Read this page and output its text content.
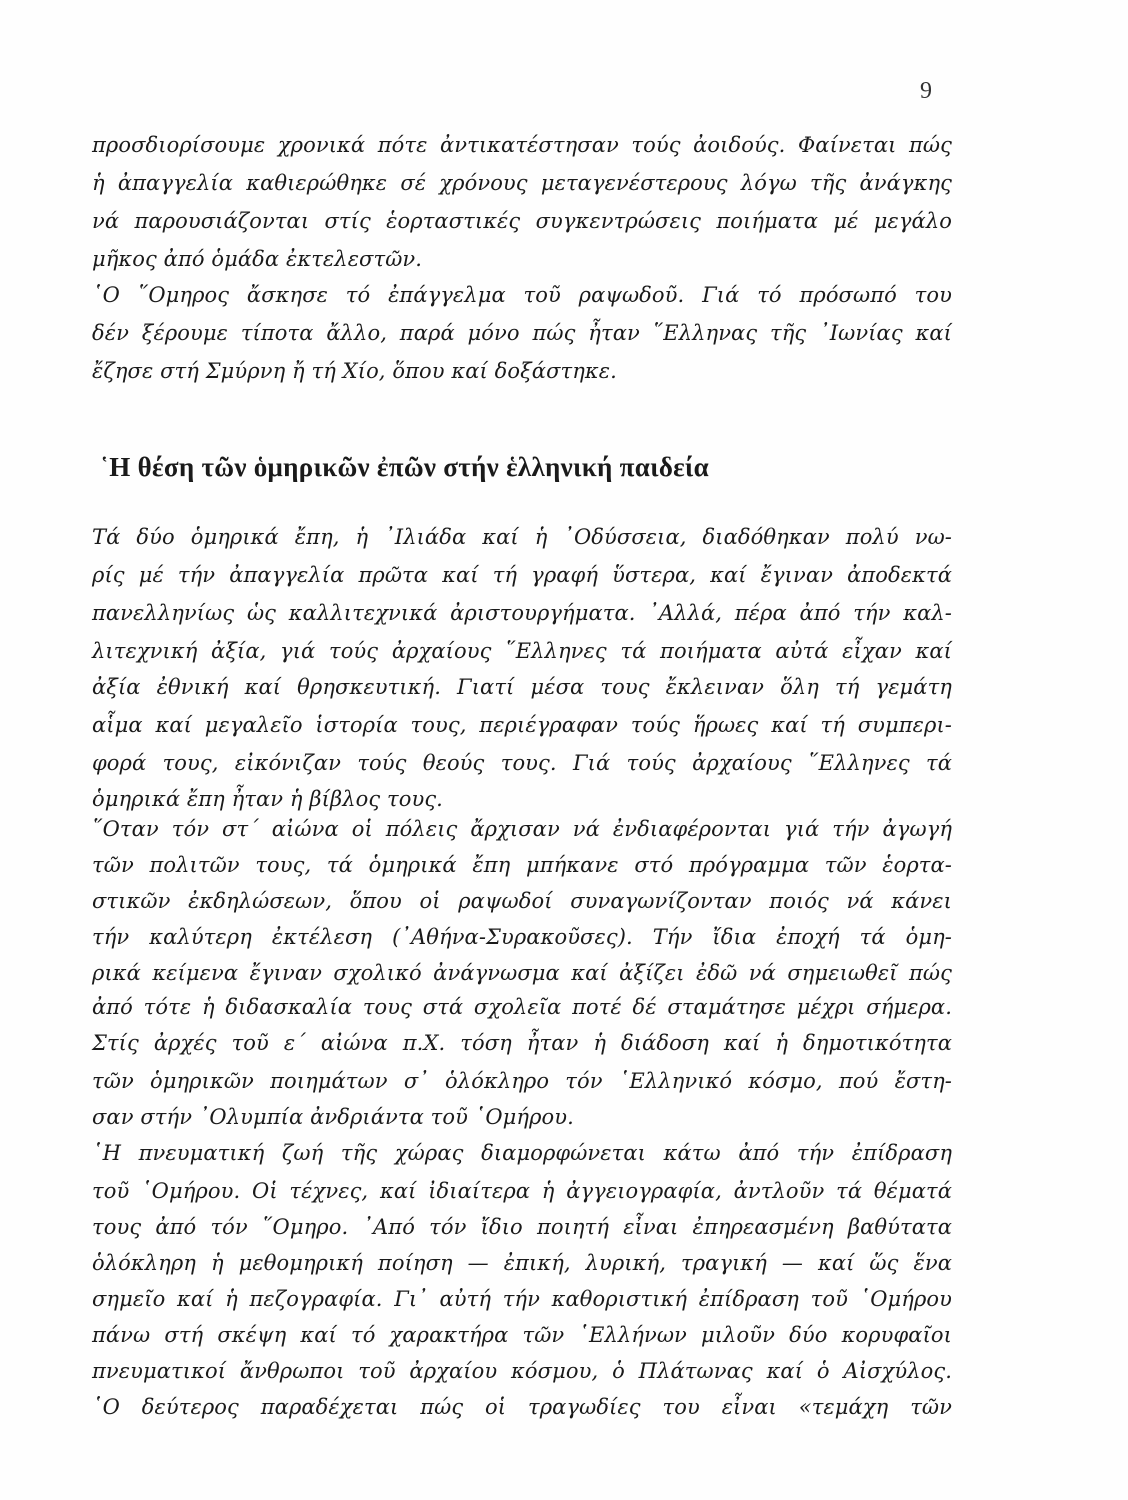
9
προσδιορίσουμε χρονικά πότε ἀντικατέστησαν τούς ἀοιδούς. Φαίνεται πώς
ἡ ἀπαγγελία καθιερώθηκε σέ χρόνους μεταγενέστερους λόγω τῆς ἀνάγκης
νά παρουσιάζονται στίς ἑορταστικές συγκεντρώσεις ποιήματα μέ μεγάλο
μῆκος ἀπό ὁμάδα ἐκτελεστῶν.
῾Ο ῞Ομηρος ἄσκησε τό ἐπάγγελμα τοῦ ραψωδοῦ. Γιά τό πρόσωπό του
δέν ξέρουμε τίποτα ἄλλο, παρά μόνο πώς ἦταν ῞Ελληνας τῆς ᾿Ιωνίας καί
ἔζησε στή Σμύρνη ἤ τή Χίο, ὅπου καί δοξάστηκε.
῾Η θέση τῶν ὁμηρικῶν ἐπῶν στήν ἑλληνική παιδεία
Τά δύο ὁμηρικά ἔπη, ἡ ᾿Ιλιάδα καί ἡ ᾿Οδύσσεια, διαδόθηκαν πολύ νω-
ρίς μέ τήν ἀπαγγελία πρῶτα καί τή γραφή ὕστερα, καί ἔγιναν ἀποδεκτά
πανελληνίως ὡς καλλιτεχνικά ἀριστουργήματα. ᾿Αλλά, πέρα ἀπό τήν καλ-
λιτεχνική ἀξία, γιά τούς ἀρχαίους ῞Ελληνες τά ποιήματα αὐτά εἶχαν καί
ἀξία ἐθνική καί θρησκευτική. Γιατί μέσα τους ἔκλειναν ὅλη τή γεμάτη
αἷμα καί μεγαλεῖο ἱστορία τους, περιέγραφαν τούς ἥρωες καί τή συμπερι-
φορά τους, εἰκόνιζαν τούς θεούς τους. Γιά τούς ἀρχαίους ῞Ελληνες τά
ὁμηρικά ἔπη ἦταν ἡ βίβλος τους.
῞Οταν τόν στ΄ αἰώνα οἱ πόλεις ἄρχισαν νά ἐνδιαφέρονται γιά τήν ἀγωγή
τῶν πολιτῶν τους, τά ὁμηρικά ἔπη μπήκανε στό πρόγραμμα τῶν ἑορτα-
στικῶν ἐκδηλώσεων, ὅπου οἱ ραψωδοί συναγωνίζονταν ποιός νά κάνει
τήν καλύτερη ἐκτέλεση (᾿Αθήνα-Συρακοῦσες). Τήν ἴδια ἐποχή τά ὁμη-
ρικά κείμενα ἔγιναν σχολικό ἀνάγνωσμα καί ἀξίζει ἐδῶ νά σημειωθεῖ πώς
ἀπό τότε ἡ διδασκαλία τους στά σχολεῖα ποτέ δέ σταμάτησε μέχρι σήμερα.
Στίς ἀρχές τοῦ ε΄ αἰώνα π.Χ. τόση ἦταν ἡ διάδοση καί ἡ δημοτικότητα
τῶν ὁμηρικῶν ποιημάτων σ᾿ ὁλόκληρο τόν ῾Ελληνικό κόσμο, πού ἔστη-
σαν στήν ᾿Ολυμπία ἀνδριάντα τοῦ ῾Ομήρου.
῾Η πνευματική ζωή τῆς χώρας διαμορφώνεται κάτω ἀπό τήν ἐπίδραση
τοῦ ῾Ομήρου. Οἱ τέχνες, καί ἰδιαίτερα ἡ ἀγγειογραφία, ἀντλοῦν τά θέματά
τους ἀπό τόν ῞Ομηρο. ᾿Από τόν ἴδιο ποιητή εἶναι ἐπηρεασμένη βαθύτατα
ὁλόκληρη ἡ μεθομηρική ποίηση — ἐπική, λυρική, τραγική — καί ὥς ἕνα
σημεῖο καί ἡ πεζογραφία. Γι᾿ αὐτή τήν καθοριστική ἐπίδραση τοῦ ῾Ομήρου
πάνω στή σκέψη καί τό χαρακτήρα τῶν ῾Ελλήνων μιλοῦν δύο κορυφαῖοι
πνευματικοί ἄνθρωποι τοῦ ἀρχαίου κόσμου, ὁ Πλάτωνας καί ὁ Αἰσχύλος.
῾Ο δεύτερος παραδέχεται πώς οἱ τραγωδίες του εἶναι «τεμάχη τῶν
